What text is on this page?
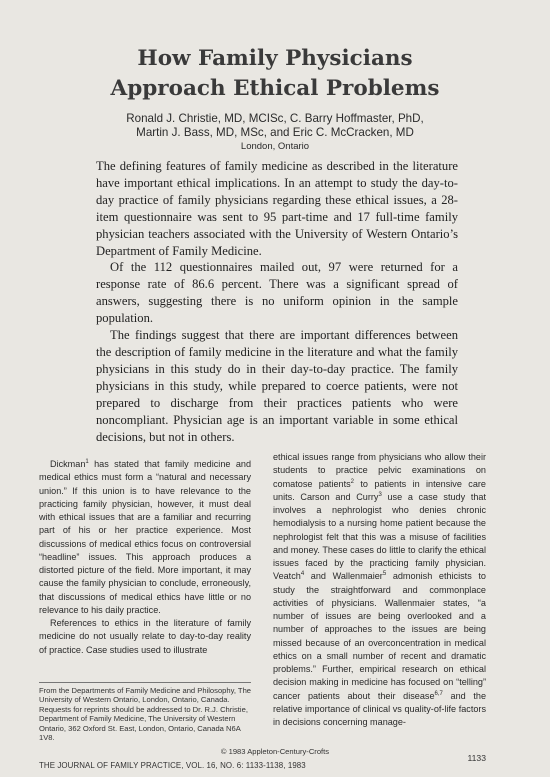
How Family Physicians
Approach Ethical Problems
Ronald J. Christie, MD, MCISc, C. Barry Hoffmaster, PhD,
Martin J. Bass, MD, MSc, and Eric C. McCracken, MD
London, Ontario

The defining features of family medicine as described in the literature have important ethical implications. In an attempt to study the day-to-day practice of family physicians regarding these ethical issues, a 28-item questionnaire was sent to 95 part-time and 17 full-time family physician teachers associated with the University of Western Ontario’s Department of Family Medicine.

Of the 112 questionnaires mailed out, 97 were returned for a response rate of 86.6 percent. There was a significant spread of answers, suggesting there is no uniform opinion in the sample population.

The findings suggest that there are important differences between the description of family medicine in the literature and what the family physicians in this study do in their day-to-day practice. The family physicians in this study, while prepared to coerce patients, were not prepared to discharge from their practices patients who were noncompliant. Physician age is an important variable in some ethical decisions, but not in others.

Dickman$^1$ has stated that family medicine and medical ethics must form a “natural and necessary union.” If this union is to have relevance to the practicing family physician, however, it must deal with ethical issues that are a familiar and recurring part of his or her practice experience. Most discussions of medical ethics focus on controversial “headline” issues. This approach produces a distorted picture of the field. More important, it may cause the family physician to conclude, erroneously, that discussions of medical ethics have little or no relevance to his daily practice.

References to ethics in the literature of family medicine do not usually relate to day-to-day reality of practice. Case studies used to illustrate

ethical issues range from physicians who allow their students to practice pelvic examinations on comatose patients$^2$ to patients in intensive care units. Carson and Curry$^3$ use a case study that involves a nephrologist who denies chronic hemodialysis to a nursing home patient because the nephrologist felt that this was a misuse of facilities and money. These cases do little to clarify the ethical issues faced by the practicing family physician. Veatch$^4$ and Wallenmaier$^5$ admonish ethicists to study the straightforward and commonplace activities of physicians. Wallenmaier states, “a number of issues are being overlooked and a number of approaches to the issues are being missed because of an overconcentration in medical ethics on a small number of recent and dramatic problems.” Further, empirical research on ethical decision making in medicine has focused on “telling” cancer patients about their disease$^{6,7}$ and the relative importance of clinical vs quality-of-life factors in decisions concerning manage-

From the Departments of Family Medicine and Philosophy, The University of Western Ontario, London, Ontario, Canada. Requests for reprints should be addressed to Dr. R.J. Christie, Department of Family Medicine, The University of Western Ontario, 362 Oxford St. East, London, Ontario, Canada N6A 1V8.
© 1983 Appleton-Century-Crofts
THE JOURNAL OF FAMILY PRACTICE, VOL. 16, NO. 6: 1133-1138, 1983
1133
